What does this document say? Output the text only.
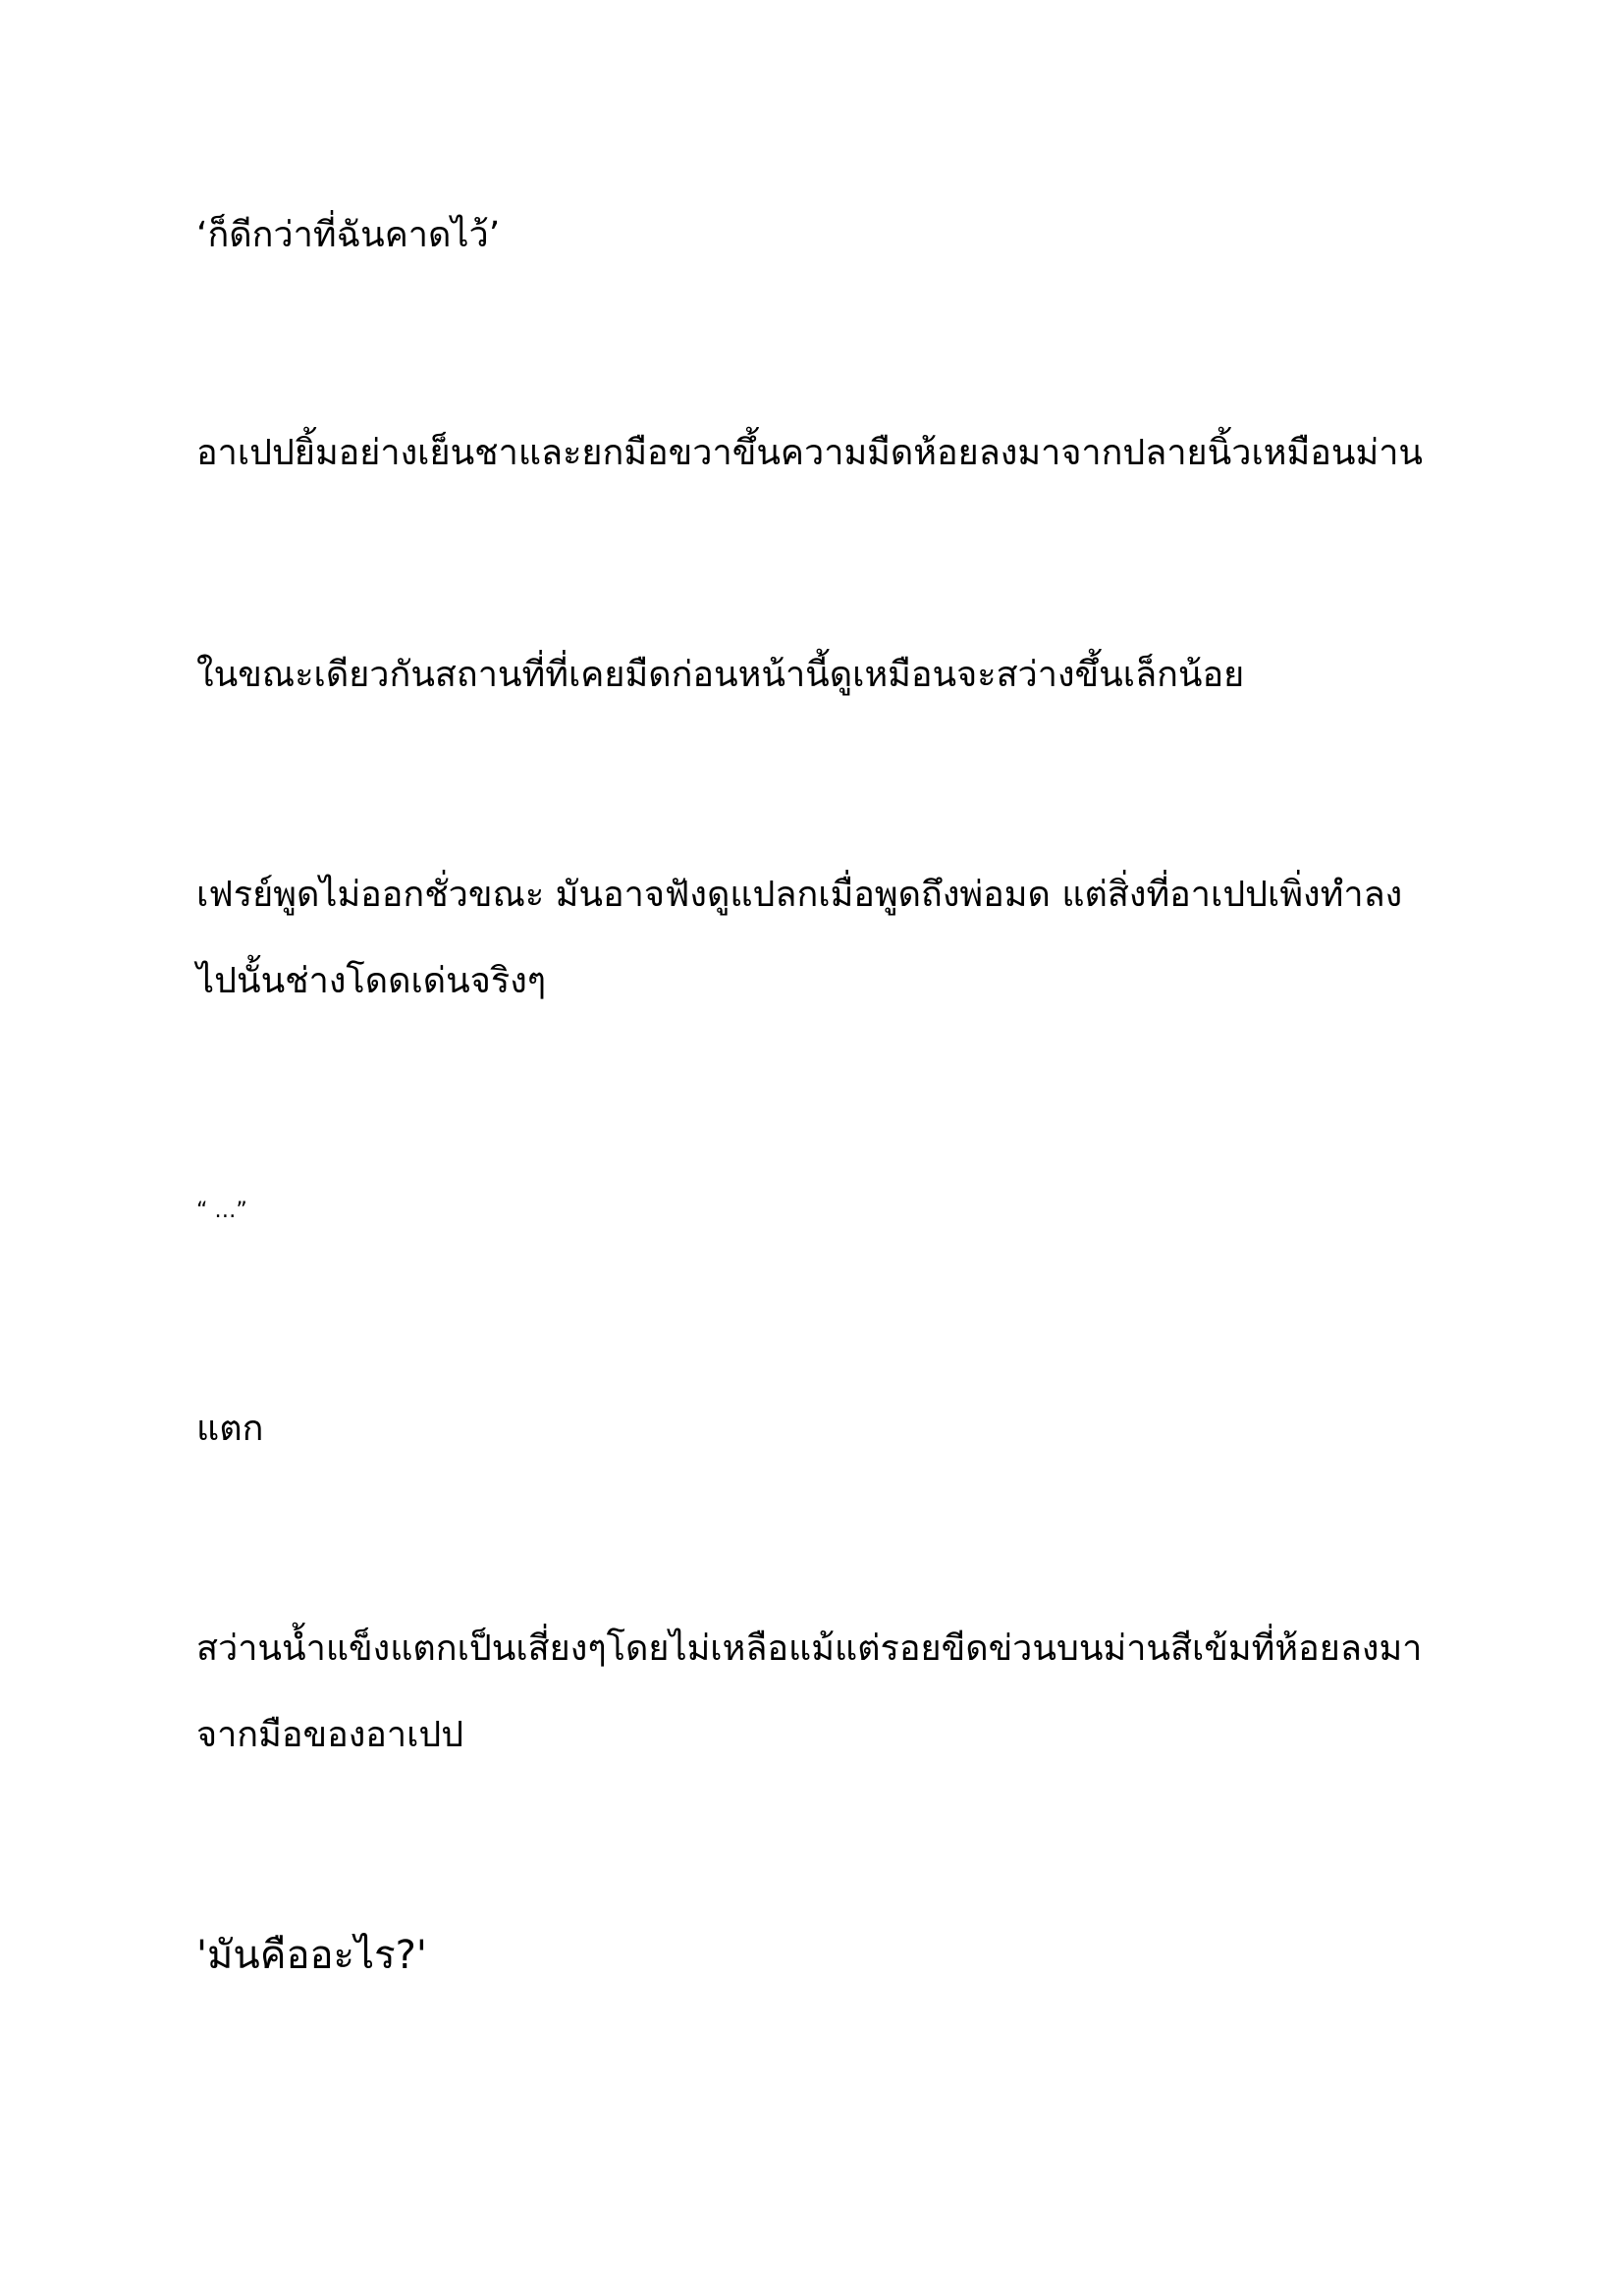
‘ก็ดีกว่าที่ฉันคาดไว้’

อาเปปยิ้มอย่างเย็นชาและยกมือขวาขึ้นความมืดห้อยลงมาจากปลายนิ้วเหมือนม่าน

ในขณะเดียวกันสถานที่ที่เคยมืดก่อนหน้านี้ดูเหมือนจะสว่างขึ้นเล็กน้อย

เฟรย์พูดไม่ออกชั่วขณะ มันอาจฟังดูแปลกเมื่อพูดถึงพ่อมด แต่สิ่งที่อาเปปเพิ่งทำลงไปนั้นช่างโดดเด่นจริงๆ

“ …”

แตก

สว่านน้ำแข็งแตกเป็นเสี่ยงๆโดยไม่เหลือแม้แต่รอยขีดข่วนบนม่านสีเข้มที่ห้อยลงมาจากมือของอาเปป

'มันคืออะไร?'
